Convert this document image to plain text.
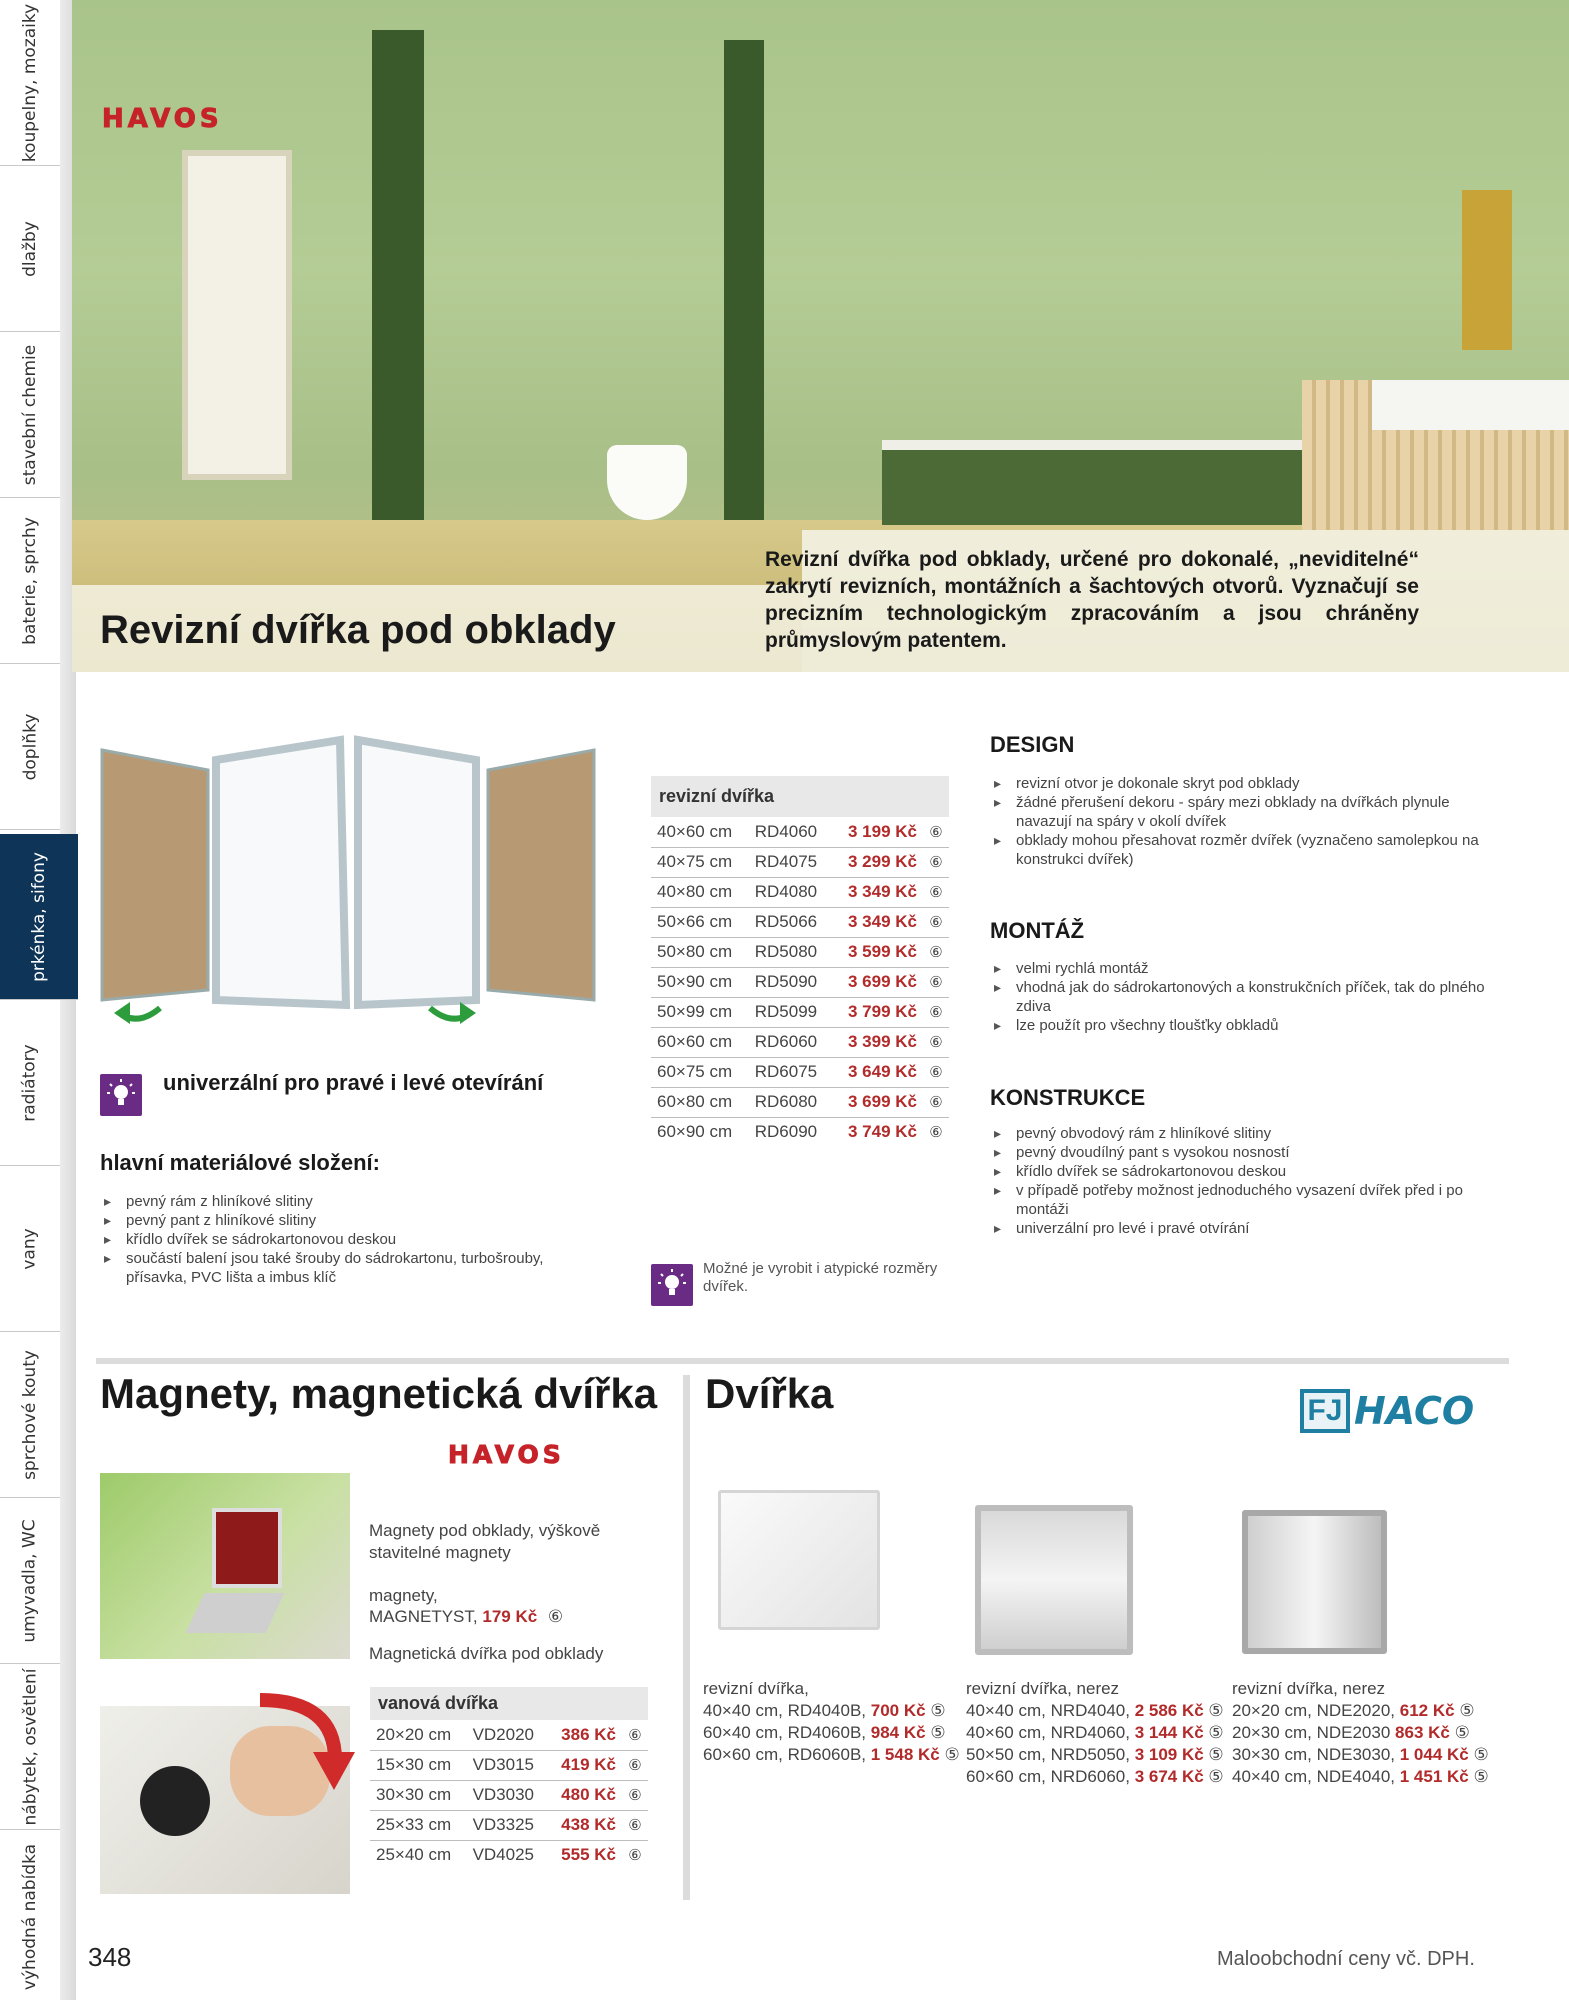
koupelny, mozaiky
dlažby
stavební chemie
baterie, sprchy
doplňky
prkénka, sifony
radiátory
vany
sprchové kouty
umyvadla, WC
nábytek, osvětlení
výhodná nabídka
HAVOS
Revizní dvířka pod obklady

Revizní dvířka pod obklady, určené pro dokonalé, „neviditelné“ zakrytí revizních, montážních a šachtových otvorů. Vyznačují se precizním technologickým zpracováním a jsou chráněny průmyslovým patentem.

univerzální pro pravé i levé otevírání
hlavní materiálové složení:
▸ pevný rám z hliníkové slitiny
▸ pevný pant z hliníkové slitiny
▸ křídlo dvířek se sádrokartonovou deskou
▸ součástí balení jsou také šrouby do sádrokartonu, turbošrouby, přísavka, PVC lišta a imbus klíč
revizní dvířka			
40×60 cm	RD4060	3 199 Kč	⑥
40×75 cm	RD4075	3 299 Kč	⑥
40×80 cm	RD4080	3 349 Kč	⑥
50×66 cm	RD5066	3 349 Kč	⑥
50×80 cm	RD5080	3 599 Kč	⑥
50×90 cm	RD5090	3 699 Kč	⑥
50×99 cm	RD5099	3 799 Kč	⑥
60×60 cm	RD6060	3 399 Kč	⑥
60×75 cm	RD6075	3 649 Kč	⑥
60×80 cm	RD6080	3 699 Kč	⑥
60×90 cm	RD6090	3 749 Kč	⑥
Možné je vyrobit i atypické rozměry dvířek.
DESIGN
▸ revizní otvor je dokonale skryt pod obklady
▸ žádné přerušení dekoru - spáry mezi obklady na dvířkách plynule navazují na spáry v okolí dvířek
▸ obklady mohou přesahovat rozměr dvířek (vyznačeno samolepkou na konstrukci dvířek)
MONTÁŽ
▸ velmi rychlá montáž
▸ vhodná jak do sádrokartonových a konstrukčních příček, tak do plného zdiva
▸ lze použít pro všechny tloušťky obkladů
KONSTRUKCE
▸ pevný obvodový rám z hliníkové slitiny
▸ pevný dvoudílný pant s vysokou nosností
▸ křídlo dvířek se sádrokartonovou deskou
▸ v případě potřeby možnost jednoduchého vysazení dvířek před i po montáži
▸ univerzální pro levé i pravé otvírání
Magnety, magnetická dvířka
HAVOS
Magnety pod obklady, výškově stavitelné magnety
magnety,
MAGNETYST, 179 Kč ⑥
Magnetická dvířka pod obklady
vanová dvířka			
20×20 cm	VD2020	386 Kč	⑥
15×30 cm	VD3015	419 Kč	⑥
30×30 cm	VD3030	480 Kč	⑥
25×33 cm	VD3325	438 Kč	⑥
25×40 cm	VD4025	555 Kč	⑥
Dvířka	FJ HACO
revizní dvířka,
40×40 cm, RD4040B, 700 Kč ⑤
60×40 cm, RD4060B, 984 Kč ⑤
60×60 cm, RD6060B, 1 548 Kč ⑤
revizní dvířka, nerez
40×40 cm, NRD4040, 2 586 Kč ⑤
40×60 cm, NRD4060, 3 144 Kč ⑤
50×50 cm, NRD5050, 3 109 Kč ⑤
60×60 cm, NRD6060, 3 674 Kč ⑤
revizní dvířka, nerez
20×20 cm, NDE2020, 612 Kč ⑤
20×30 cm, NDE2030 863 Kč ⑤
30×30 cm, NDE3030, 1 044 Kč ⑤
40×40 cm, NDE4040, 1 451 Kč ⑤
348	Maloobchodní ceny vč. DPH.
